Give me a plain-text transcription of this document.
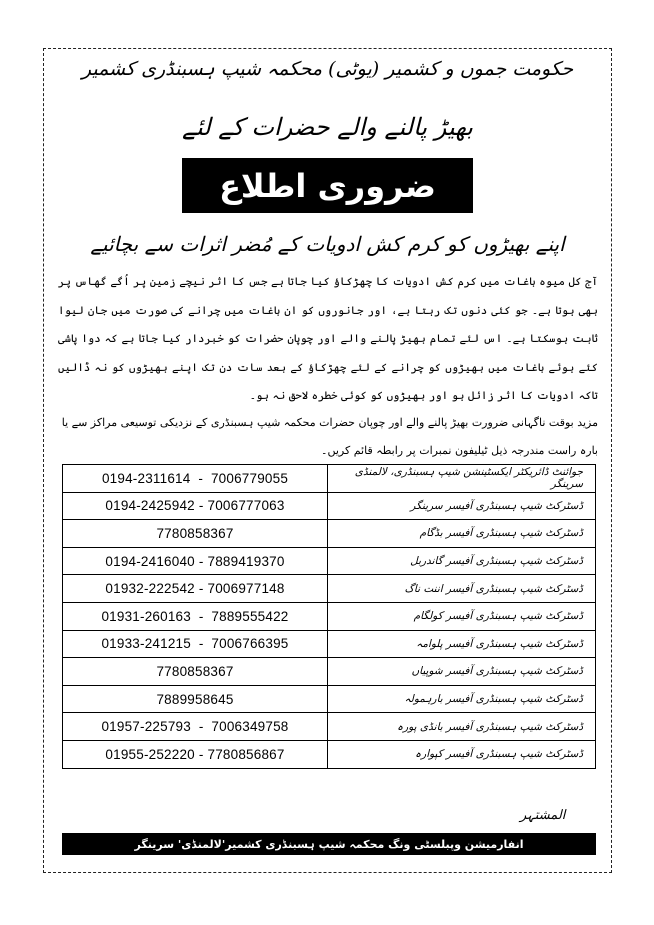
حکومت جموں و کشمیر (یوٹی) محکمہ شیپ ہسبنڈری کشمیر
بھیڑ پالنے والے حضرات کے لئے
ضروری اطلاع
اپنے بھیڑوں کو کرم کش ادویات کے مُضر اثرات سے بچائیے
آج کل میوہ باغات میں کرم کش ادویات کا چھڑکاؤ کیا جاتا ہے جس کا اثر نیچے زمین پر اُگے گھاس پر بھی ہوتا ہے۔ جو کئی دنوں تک رہتا ہے، اور جانوروں کو ان باغات میں چرانے کی صورت میں جان لیوا ثابت ہوسکتا ہے۔ اس لئے تمام بھیڑ پالنے والے اور چوپان حضرات کو خبردار کیا جاتا ہے کہ دوا پاشی کئے ہوئے باغات میں بھیڑوں کو چرانے کے لئے چھڑکاؤ کے بعد سات دن تک اپنے بھیڑوں کو نہ ڈالیں تاکہ ادویات کا اثر زائل ہو اور بھیڑوں کو کوئی خطرہ لاحق نہ ہو۔
مزید بوقت ناگہانی ضرورت بھیڑ پالنے والے اور چوپان حضرات محکمہ شیپ ہسبنڈری کے نزدیکی توسیعی مراکز سے یا بارہ راست مندرجہ ذیل ٹیلیفون نمبرات پر رابطہ قائم کریں۔
0194-2311614  -  7006779055	جوائنٹ ڈائریکٹر ایکسٹینشن شیپ ہسبنڈری، لالمنڈی سرینگر
0194-2425942 - 7006777063	ڈسٹرکٹ شیپ ہسبنڈری آفیسر سرینگر
7780858367	ڈسٹرکٹ شیپ ہسبنڈری آفیسر بڈگام
0194-2416040 - 7889419370	ڈسٹرکٹ شیپ ہسبنڈری آفیسر گاندربل
01932-222542 - 7006977148	ڈسٹرکٹ شیپ ہسبنڈری آفیسر اننت ناگ
01931-260163  -  7889555422	ڈسٹرکٹ شیپ ہسبنڈری آفیسر کولگام
01933-241215  -  7006766395	ڈسٹرکٹ شیپ ہسبنڈری آفیسر پلوامہ
7780858367	ڈسٹرکٹ شیپ ہسبنڈری آفیسر شوپیاں
7889958645	ڈسٹرکٹ شیپ ہسبنڈری آفیسر بارہمولہ
01957-225793  -  7006349758	ڈسٹرکٹ شیپ ہسبنڈری آفیسر بانڈی پورہ
01955-252220 - 7780856867	ڈسٹرکٹ شیپ ہسبنڈری آفیسر کپوارہ
المشتہر
انفارمیشن وپبلسٹی ونگ محکمہ شیپ ہسبنڈری کشمیر'لالمنڈی' سرینگر
